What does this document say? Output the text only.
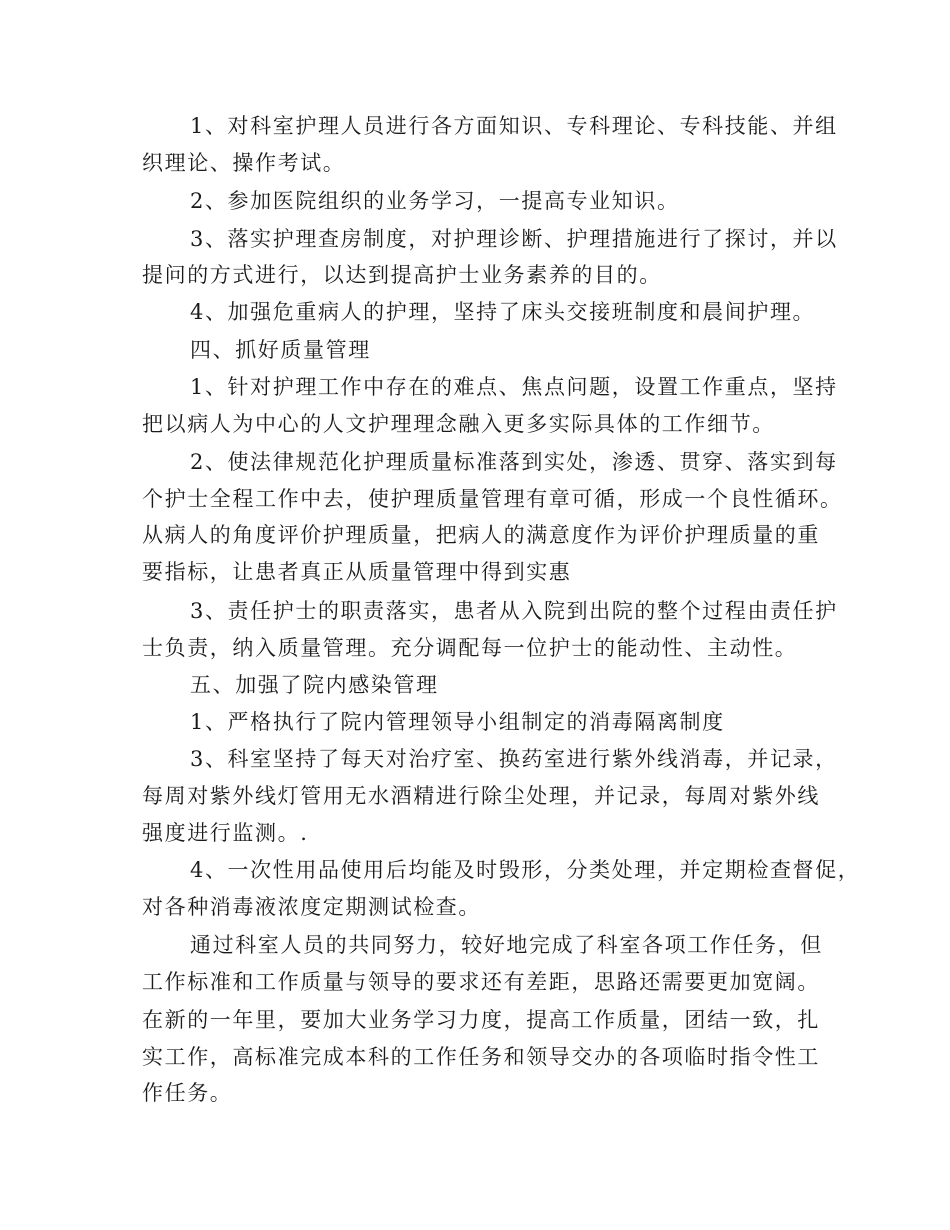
1、对科室护理人员进行各方面知识、专科理论、专科技能、并组
织理论、操作考试。
2、参加医院组织的业务学习，一提高专业知识。
3、落实护理查房制度，对护理诊断、护理措施进行了探讨，并以
提问的方式进行，以达到提高护士业务素养的目的。
4、加强危重病人的护理，坚持了床头交接班制度和晨间护理。
四、抓好质量管理
1、针对护理工作中存在的难点、焦点问题，设置工作重点，坚持
把以病人为中心的人文护理理念融入更多实际具体的工作细节。
2、使法律规范化护理质量标准落到实处，渗透、贯穿、落实到每
个护士全程工作中去，使护理质量管理有章可循，形成一个良性循环。
从病人的角度评价护理质量，把病人的满意度作为评价护理质量的重
要指标，让患者真正从质量管理中得到实惠
3、责任护士的职责落实，患者从入院到出院的整个过程由责任护
士负责，纳入质量管理。充分调配每一位护士的能动性、主动性。
五、加强了院内感染管理
1、严格执行了院内管理领导小组制定的消毒隔离制度
3、科室坚持了每天对治疗室、换药室进行紫外线消毒，并记录，
每周对紫外线灯管用无水酒精进行除尘处理，并记录，每周对紫外线
强度进行监测。.
4、一次性用品使用后均能及时毁形，分类处理，并定期检查督促，
对各种消毒液浓度定期测试检查。
通过科室人员的共同努力，较好地完成了科室各项工作任务，但
工作标准和工作质量与领导的要求还有差距，思路还需要更加宽阔。
在新的一年里，要加大业务学习力度，提高工作质量，团结一致，扎
实工作，高标准完成本科的工作任务和领导交办的各项临时指令性工
作任务。
